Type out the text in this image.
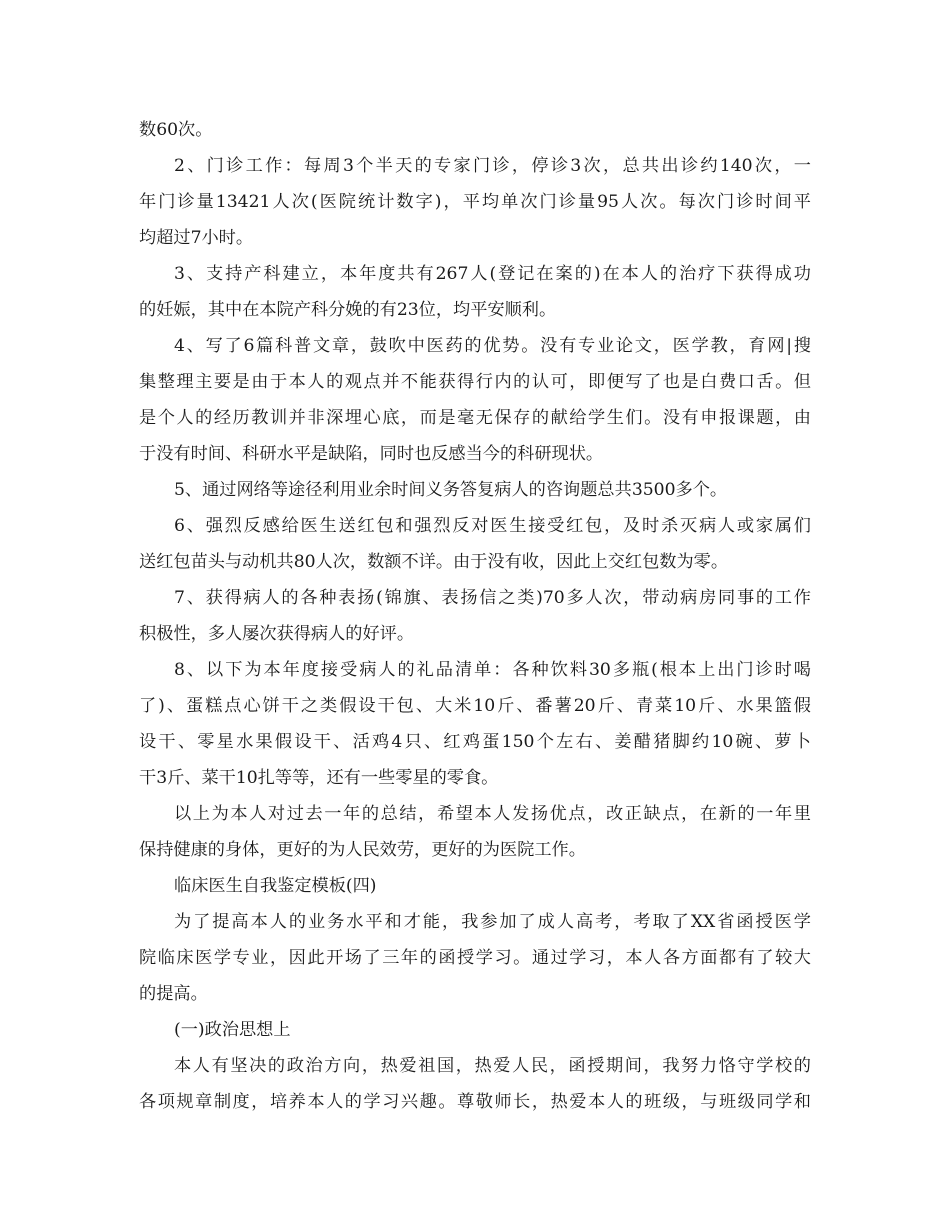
数60次。
2、门诊工作：每周3个半天的专家门诊，停诊3次，总共出诊约140次，一
年门诊量13421人次(医院统计数字)，平均单次门诊量95人次。每次门诊时间平
均超过7小时。
3、支持产科建立，本年度共有267人(登记在案的)在本人的治疗下获得成功
的妊娠，其中在本院产科分娩的有23位，均平安顺利。
4、写了6篇科普文章，鼓吹中医药的优势。没有专业论文，医学教，育网|搜
集整理主要是由于本人的观点并不能获得行内的认可，即便写了也是白费口舌。但
是个人的经历教训并非深埋心底，而是毫无保存的献给学生们。没有申报课题，由
于没有时间、科研水平是缺陷，同时也反感当今的科研现状。
5、通过网络等途径利用业余时间义务答复病人的咨询题总共3500多个。
6、强烈反感给医生送红包和强烈反对医生接受红包，及时杀灭病人或家属们
送红包苗头与动机共80人次，数额不详。由于没有收，因此上交红包数为零。
7、获得病人的各种表扬(锦旗、表扬信之类)70多人次，带动病房同事的工作
积极性，多人屡次获得病人的好评。
8、以下为本年度接受病人的礼品清单：各种饮料30多瓶(根本上出门诊时喝
了)、蛋糕点心饼干之类假设干包、大米10斤、番薯20斤、青菜10斤、水果篮假
设干、零星水果假设干、活鸡4只、红鸡蛋150个左右、姜醋猪脚约10碗、萝卜
干3斤、菜干10扎等等，还有一些零星的零食。
以上为本人对过去一年的总结，希望本人发扬优点，改正缺点，在新的一年里
保持健康的身体，更好的为人民效劳，更好的为医院工作。
临床医生自我鉴定模板(四)
为了提高本人的业务水平和才能，我参加了成人高考，考取了XX省函授医学
院临床医学专业，因此开场了三年的函授学习。通过学习，本人各方面都有了较大
的提高。
(一)政治思想上
本人有坚决的政治方向，热爱祖国，热爱人民，函授期间，我努力恪守学校的
各项规章制度，培养本人的学习兴趣。尊敬师长，热爱本人的班级，与班级同学和
